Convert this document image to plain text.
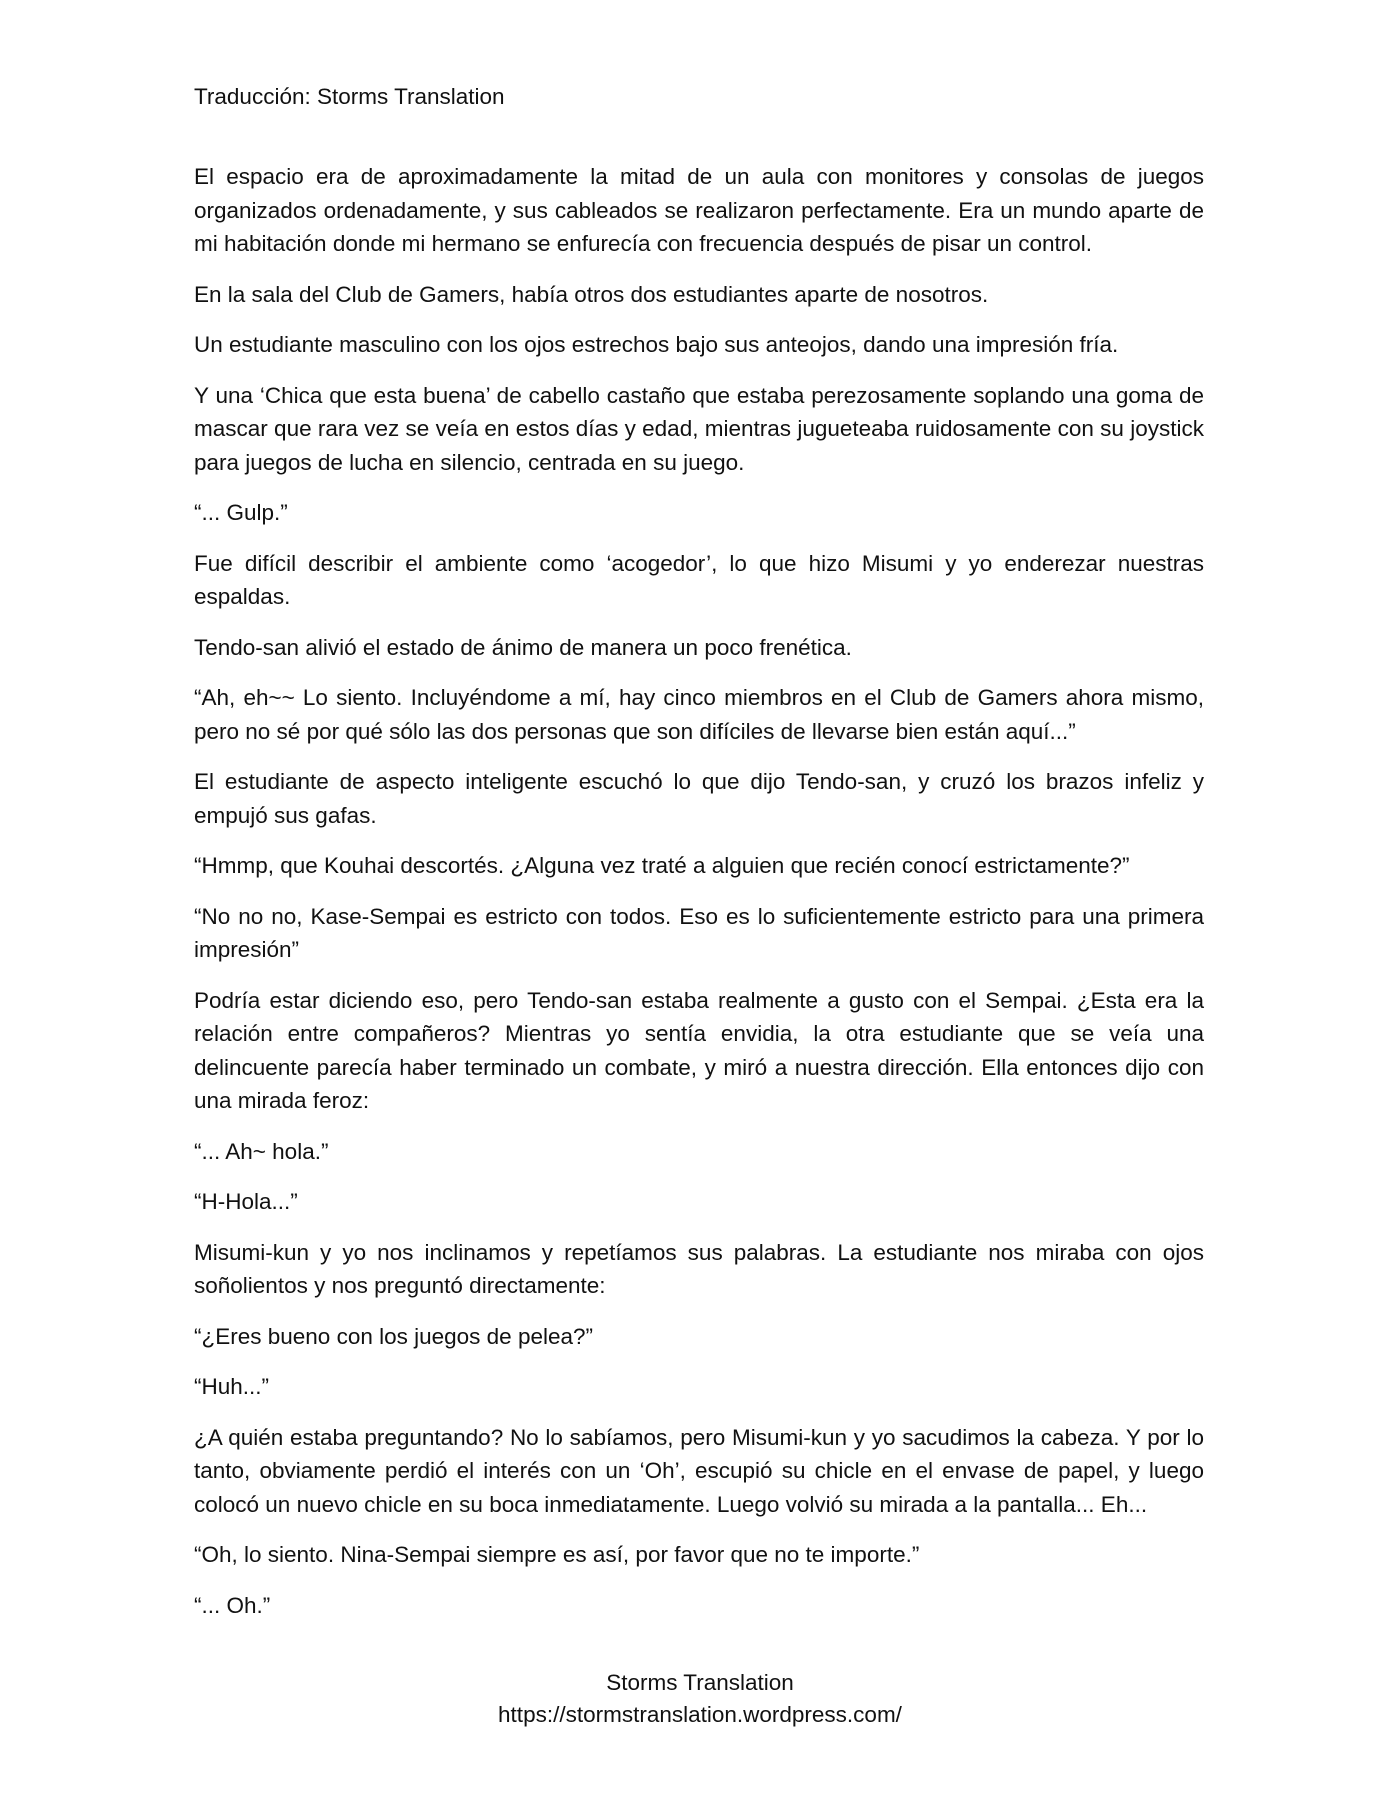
Traducción: Storms Translation

El espacio era de aproximadamente la mitad de un aula con monitores y consolas de juegos organizados ordenadamente, y sus cableados se realizaron perfectamente. Era un mundo aparte de mi habitación donde mi hermano se enfurecía con frecuencia después de pisar un control.

En la sala del Club de Gamers, había otros dos estudiantes aparte de nosotros.

Un estudiante masculino con los ojos estrechos bajo sus anteojos, dando una impresión fría.

Y una ‘Chica que esta buena’ de cabello castaño que estaba perezosamente soplando una goma de mascar que rara vez se veía en estos días y edad, mientras jugueteaba ruidosamente con su joystick para juegos de lucha en silencio, centrada en su juego.

“... Gulp.”

Fue difícil describir el ambiente como ‘acogedor’, lo que hizo Misumi y yo enderezar nuestras espaldas.

Tendo-san alivió el estado de ánimo de manera un poco frenética.

“Ah, eh~~ Lo siento. Incluyéndome a mí, hay cinco miembros en el Club de Gamers ahora mismo, pero no sé por qué sólo las dos personas que son difíciles de llevarse bien están aquí...”

El estudiante de aspecto inteligente escuchó lo que dijo Tendo-san, y cruzó los brazos infeliz y empujó sus gafas.

“Hmmp, que Kouhai descortés. ¿Alguna vez traté a alguien que recién conocí estrictamente?”

“No no no, Kase-Sempai es estricto con todos. Eso es lo suficientemente estricto para una primera impresión”

Podría estar diciendo eso, pero Tendo-san estaba realmente a gusto con el Sempai. ¿Esta era la relación entre compañeros? Mientras yo sentía envidia, la otra estudiante que se veía una delincuente parecía haber terminado un combate, y miró a nuestra dirección. Ella entonces dijo con una mirada feroz:

“... Ah~ hola.”

“H-Hola...”

Misumi-kun y yo nos inclinamos y repetíamos sus palabras. La estudiante nos miraba con ojos soñolientos y nos preguntó directamente:

“¿Eres bueno con los juegos de pelea?”

“Huh...”

¿A quién estaba preguntando? No lo sabíamos, pero Misumi-kun y yo sacudimos la cabeza. Y por lo tanto, obviamente perdió el interés con un ‘Oh’, escupió su chicle en el envase de papel, y luego colocó un nuevo chicle en su boca inmediatamente. Luego volvió su mirada a la pantalla... Eh...

“Oh, lo siento. Nina-Sempai siempre es así, por favor que no te importe.”

“... Oh.”

Storms Translation
https://stormstranslation.wordpress.com/
